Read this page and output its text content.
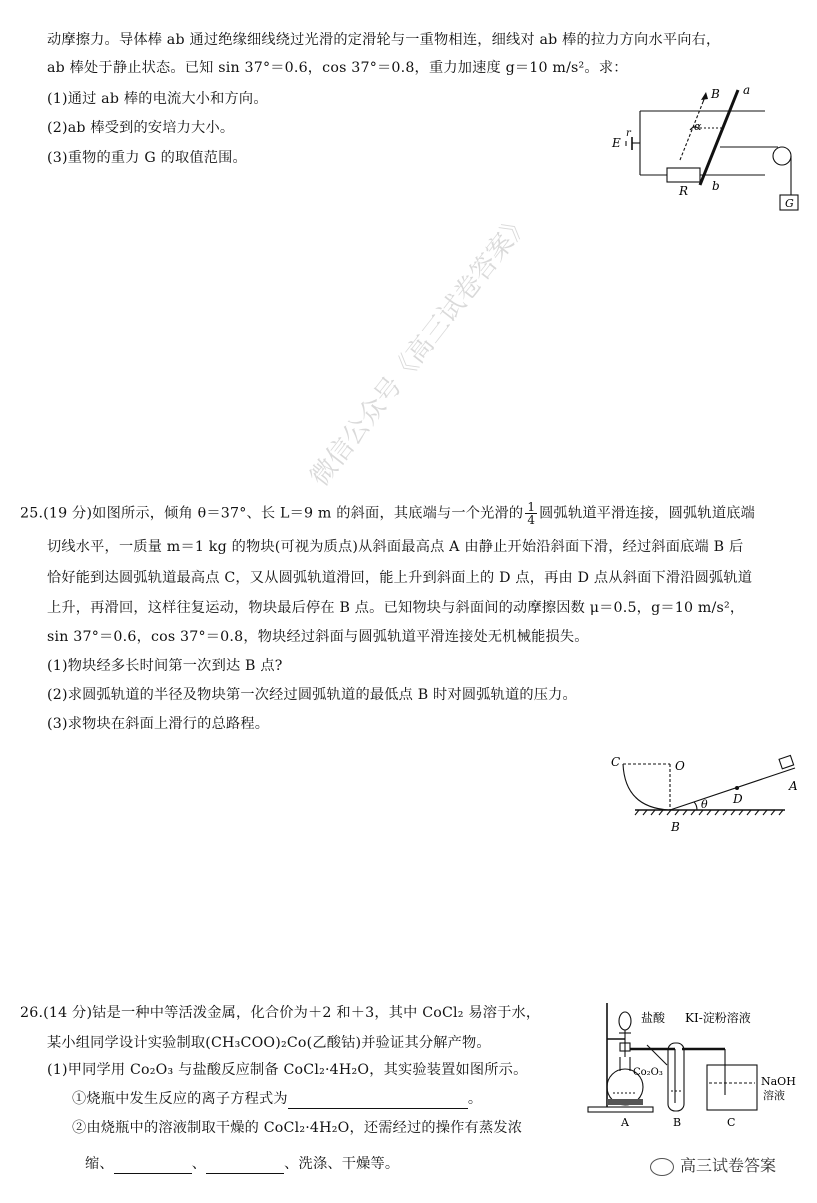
动摩擦力。导体棒 ab 通过绝缘细线绕过光滑的定滑轮与一重物相连，细线对 ab 棒的拉力方向水平向右，
ab 棒处于静止状态。已知 sin 37°＝0.6，cos 37°＝0.8，重力加速度 g＝10 m/s²。求：
(1)通过 ab 棒的电流大小和方向。
(2)ab 棒受到的安培力大小。
(3)重物的重力 G 的取值范围。
B a
α
E
r
R b
G
25.(19 分)如图所示，倾角 θ＝37°、长 L＝9 m 的斜面，其底端与一个光滑的 $\frac{1}{4}$ 圆弧轨道平滑连接，圆弧轨道底端
切线水平，一质量 m＝1 kg 的物块(可视为质点)从斜面最高点 A 由静止开始沿斜面下滑，经过斜面底端 B 后
恰好能到达圆弧轨道最高点 C，又从圆弧轨道滑回，能上升到斜面上的 D 点，再由 D 点从斜面下滑沿圆弧轨道
上升，再滑回，这样往复运动，物块最后停在 B 点。已知物块与斜面间的动摩擦因数 μ＝0.5，g＝10 m/s²，
sin 37°＝0.6，cos 37°＝0.8，物块经过斜面与圆弧轨道平滑连接处无机械能损失。
(1)物块经多长时间第一次到达 B 点?
(2)求圆弧轨道的半径及物块第一次经过圆弧轨道的最低点 B 时对圆弧轨道的压力。
(3)求物块在斜面上滑行的总路程。
C	O
D
A
B
θ
微信公众号《高三试卷答案》
26.(14 分)钴是一种中等活泼金属，化合价为＋2 和＋3，其中 CoCl₂ 易溶于水，
某小组同学设计实验制取(CH₃COO)₂Co(乙酸钴)并验证其分解产物。
(1)甲同学用 Co₂O₃ 与盐酸反应制备 CoCl₂·4H₂O，其实验装置如图所示。
①烧瓶中发生反应的离子方程式为	。
②由烧瓶中的溶液制取干燥的 CoCl₂·4H₂O，还需经过的操作有蒸发浓
缩、	、	、洗涤、干燥等。
盐酸 KI-淀粉溶液
Co₂O₃
NaOH
溶液
A	B	C
高三试卷答案
